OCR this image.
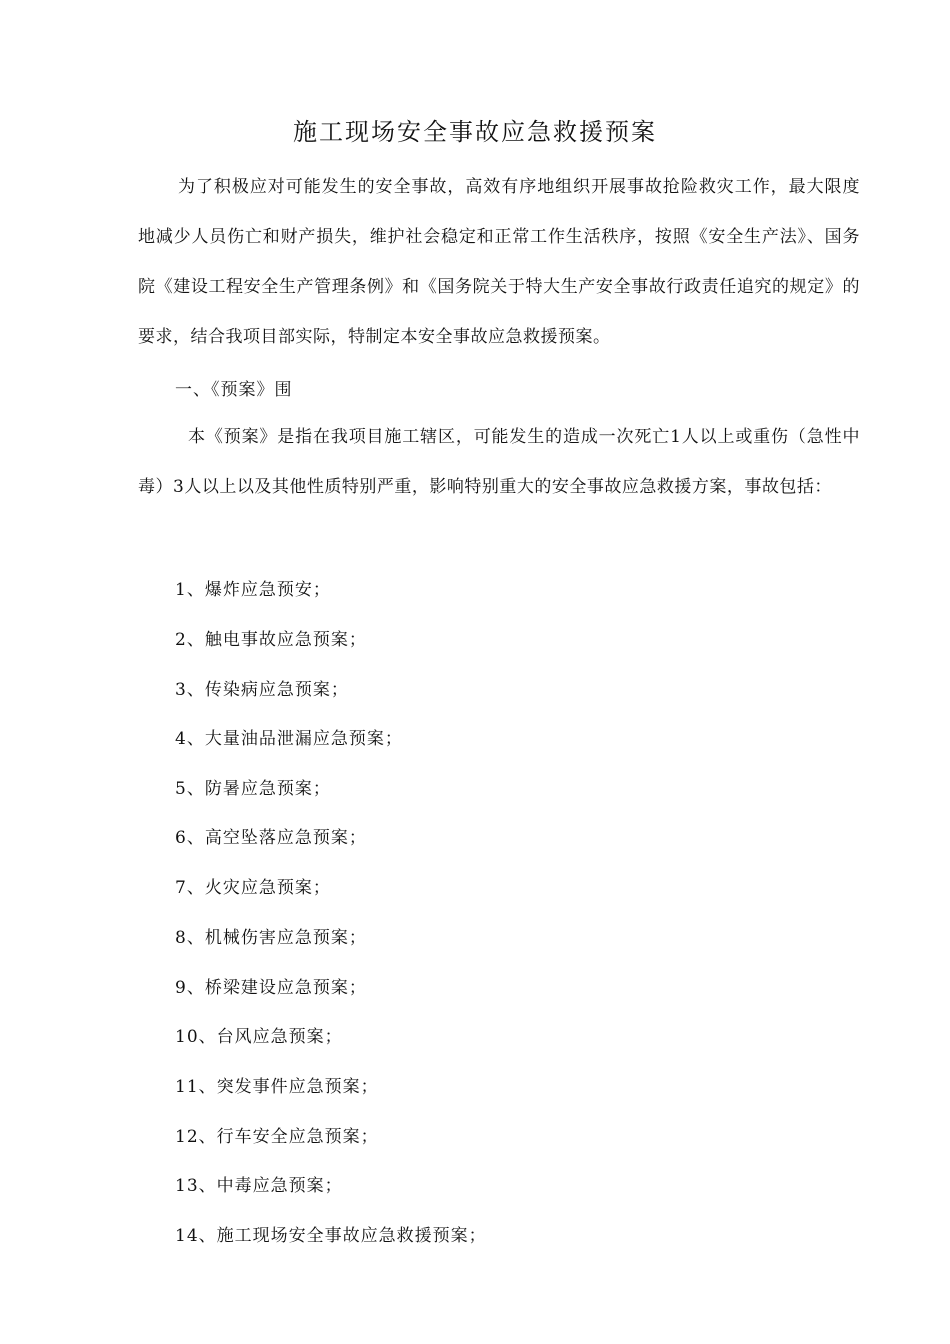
施工现场安全事故应急救援预案

为了积极应对可能发生的安全事故，高效有序地组织开展事故抢险救灾工作，最大限度地减少人员伤亡和财产损失，维护社会稳定和正常工作生活秩序，按照《安全生产法》、国务院《建设工程安全生产管理条例》和《国务院关于特大生产安全事故行政责任追究的规定》的要求，结合我项目部实际，特制定本安全事故应急救援预案。

一、《预案》围

本《预案》是指在我项目施工辖区，可能发生的造成一次死亡1人以上或重伤（急性中毒）3人以上以及其他性质特别严重，影响特别重大的安全事故应急救援方案，事故包括：

1、爆炸应急预安；
2、触电事故应急预案；
3、传染病应急预案；
4、大量油品泄漏应急预案；
5、防暑应急预案；
6、高空坠落应急预案；
7、火灾应急预案；
8、机械伤害应急预案；
9、桥梁建设应急预案；
10、台风应急预案；
11、突发事件应急预案；
12、行车安全应急预案；
13、中毒应急预案；
14、施工现场安全事故应急救援预案；
